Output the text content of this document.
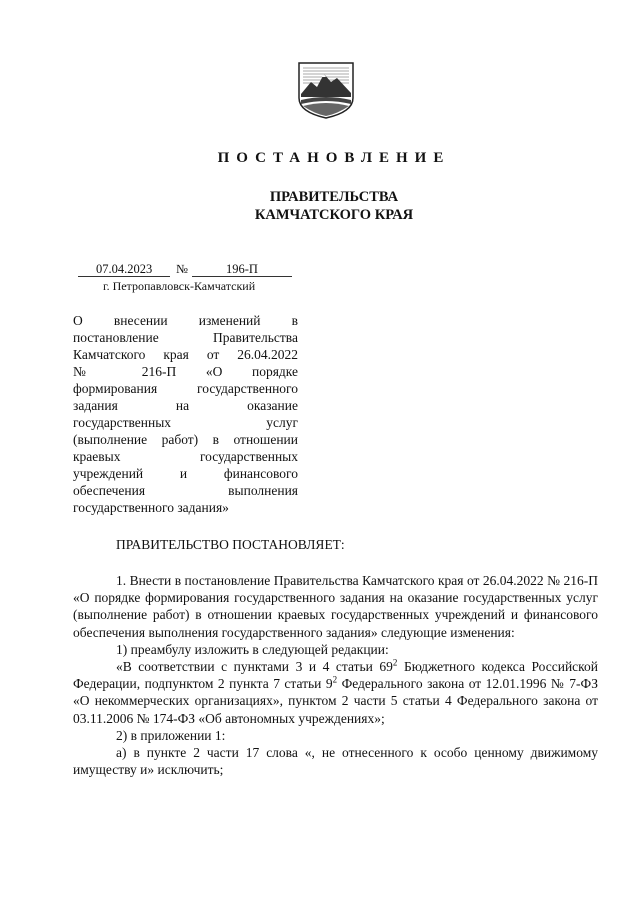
ПОСТАНОВЛЕНИЕ
ПРАВИТЕЛЬСТВА
КАМЧАТСКОГО КРАЯ
07.04.2023 №	196-П
г. Петропавловск-Камчатский
О внесении изменений в
постановление Правительства
Камчатского края от 26.04.2022
№ 216-П «О порядке
формирования государственного
задания на оказание
государственных услуг
(выполнение работ) в отношении
краевых государственных
учреждений и финансового
обеспечения выполнения
государственного задания»
ПРАВИТЕЛЬСТВО ПОСТАНОВЛЯЕТ:

1. Внести в постановление Правительства Камчатского края от 26.04.2022 № 216-П «О порядке формирования государственного задания на оказание государственных услуг (выполнение работ) в отношении краевых государственных учреждений и финансового обеспечения выполнения государственного задания» следующие изменения:

1) преамбулу изложить в следующей редакции:

«В соответствии с пунктами 3 и 4 статьи $69^2$ Бюджетного кодекса Российской Федерации, подпунктом 2 пункта 7 статьи $9^2$ Федерального закона от 12.01.1996 № 7-ФЗ «О некоммерческих организациях», пунктом 2 части 5 статьи 4 Федерального закона от 03.11.2006 № 174-ФЗ «Об автономных учреждениях»;

2) в приложении 1:

а) в пункте 2 части 17 слова «, не отнесенного к особо ценному движимому имуществу и» исключить;
